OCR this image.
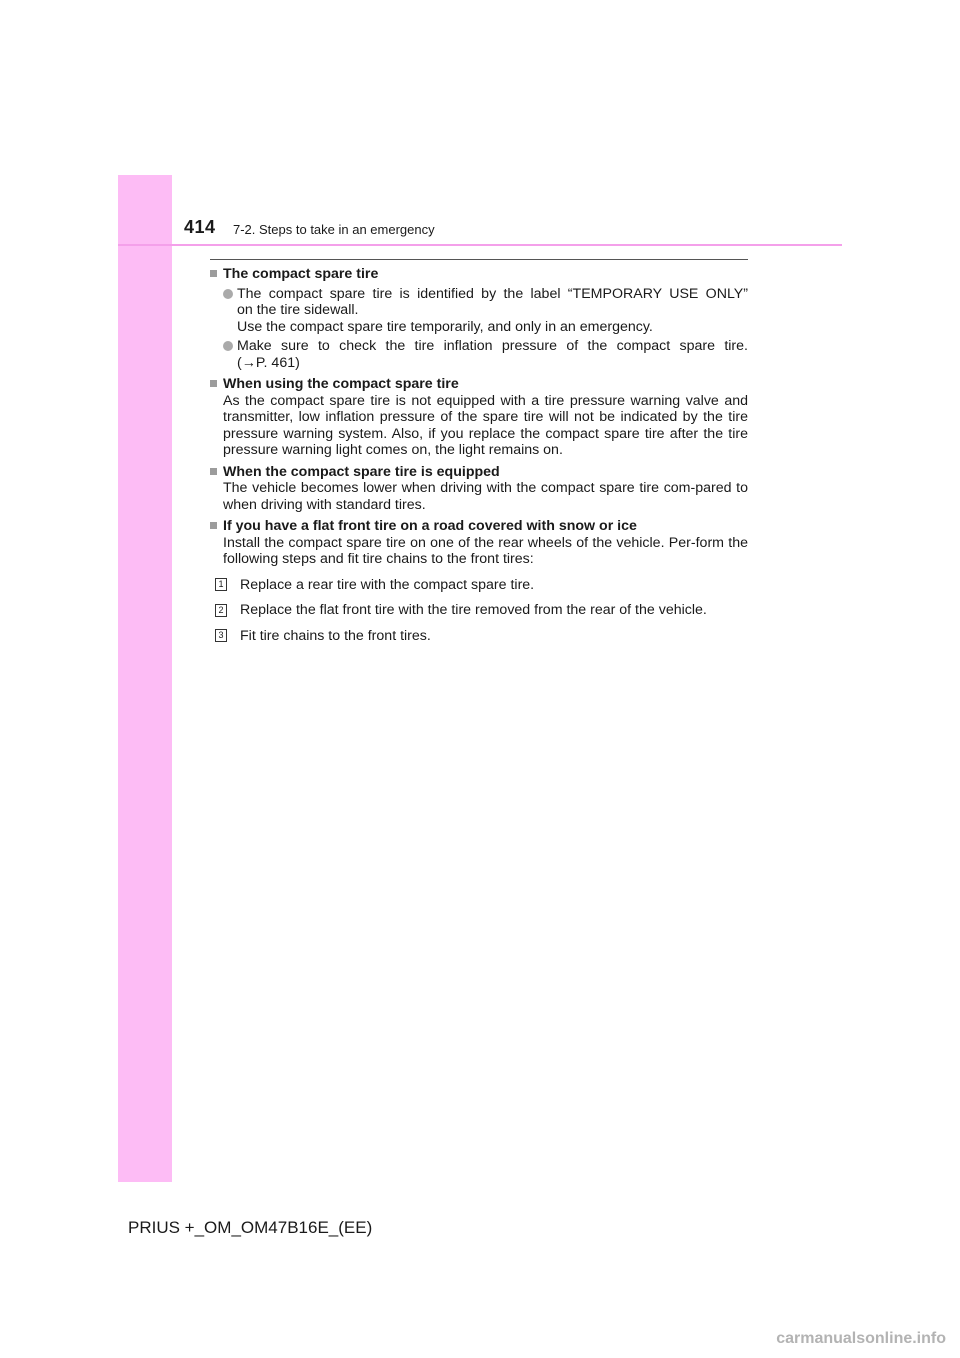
414 7-2. Steps to take in an emergency
The compact spare tire
The compact spare tire is identified by the label “TEMPORARY USE ONLY”
on the tire sidewall.
Use the compact spare tire temporarily, and only in an emergency.
Make sure to check the tire inflation pressure of the compact spare tire.
(→P. 461)
When using the compact spare tire
As the compact spare tire is not equipped with a tire pressure warning valve and transmitter, low inflation pressure of the spare tire will not be indicated by the tire pressure warning system. Also, if you replace the compact spare tire after the tire pressure warning light comes on, the light remains on.
When the compact spare tire is equipped
The vehicle becomes lower when driving with the compact spare tire com-pared to when driving with standard tires.
If you have a flat front tire on a road covered with snow or ice
Install the compact spare tire on one of the rear wheels of the vehicle. Per-form the following steps and fit tire chains to the front tires:
1 Replace a rear tire with the compact spare tire.
2 Replace the flat front tire with the tire removed from the rear of the vehicle.
3 Fit tire chains to the front tires.
PRIUS +_OM_OM47B16E_(EE)
carmanualsonline.info
